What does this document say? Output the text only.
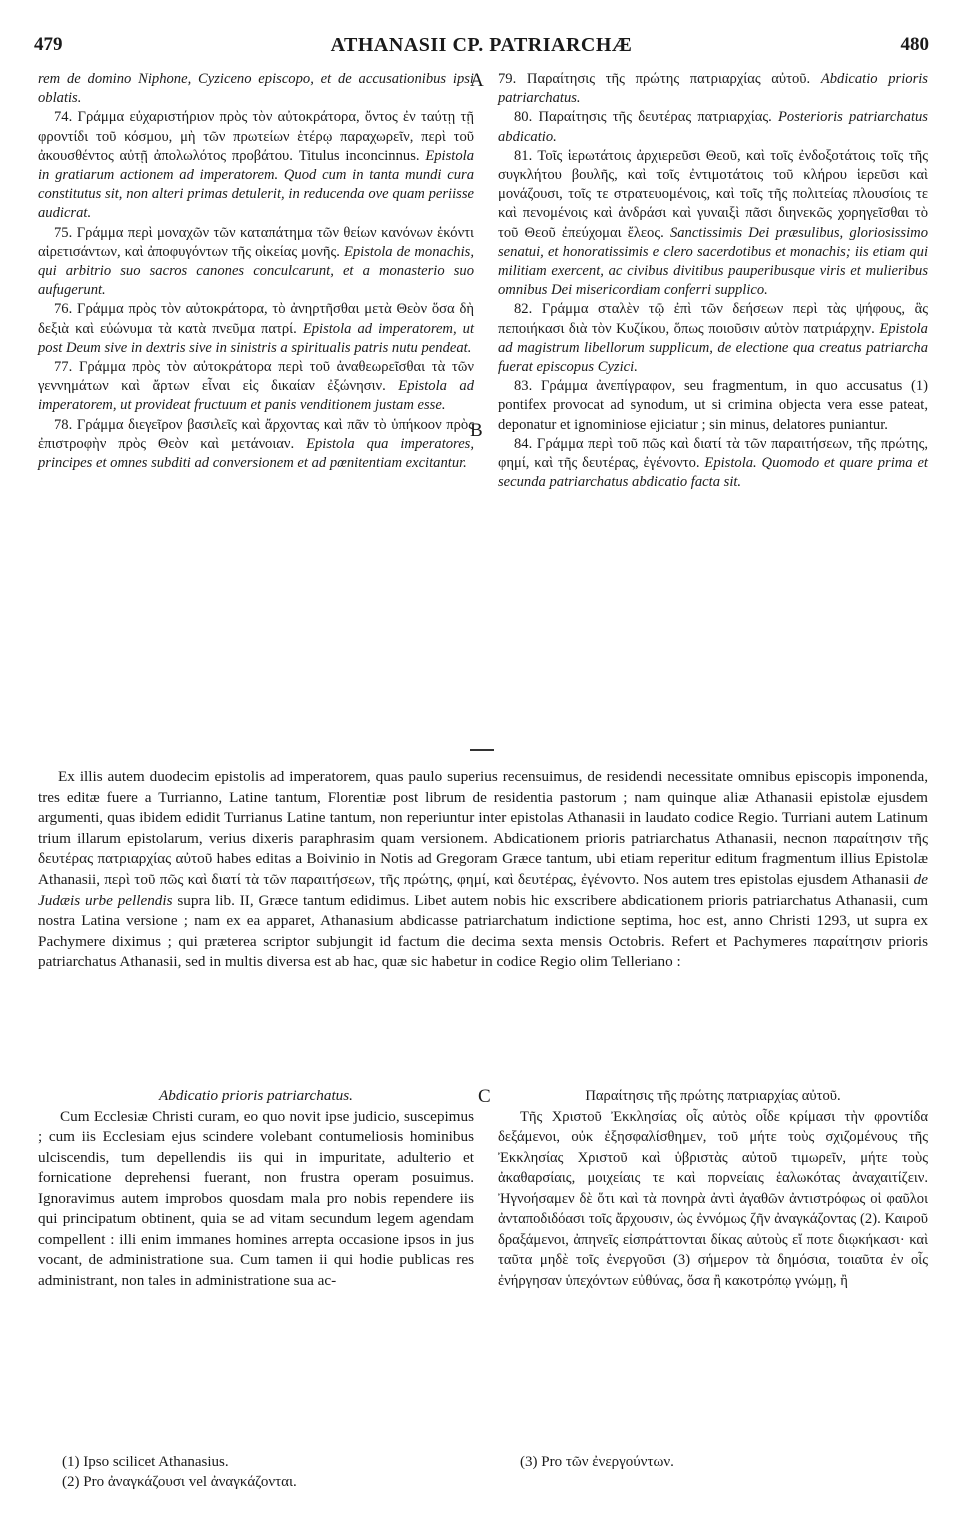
479	ATHANASII CP. PATRIARCHÆ	480
A
B
C

rem de domino Niphone, Cyziceno episcopo, et de accusationibus ipsi oblatis.

74. Γράμμα εὐχαριστήριον πρὸς τὸν αὐτοκράτορα, ὄντος ἐν ταύτῃ τῇ φροντίδι τοῦ κόσμου, μὴ τῶν πρωτείων ἑτέρῳ παραχωρεῖν, περὶ τοῦ ἀκουσθέντος αὐτῇ ἀπολωλότος προβάτου. Titulus inconcinnus. Epistola in gratiarum actionem ad imperatorem. Quod cum in tanta mundi cura constitutus sit, non alteri primas detulerit, in reducenda ove quam periisse audicrat.

75. Γράμμα περὶ μοναχῶν τῶν καταπάτημα τῶν θείων κανόνων ἑκόντι αἱρετισάντων, καὶ ἀποφυγόντων τῆς οἰκείας μονῆς. Epistola de monachis, qui arbitrio suo sacros canones conculcarunt, et a monasterio suo aufugerunt.

76. Γράμμα πρὸς τὸν αὐτοκράτορα, τὸ ἀνηρτῆσθαι μετὰ Θεὸν ὅσα δὴ δεξιὰ καὶ εὐώνυμα τὰ κατὰ πνεῦμα πατρί. Epistola ad imperatorem, ut post Deum sive in dextris sive in sinistris a spiritualis patris nutu pendeat.

77. Γράμμα πρὸς τὸν αὐτοκράτορα περὶ τοῦ ἀναθεωρεῖσθαι τὰ τῶν γεννημάτων καὶ ἄρτων εἶναι εἰς δικαίαν ἐξώνησιν. Epistola ad imperatorem, ut provideat fructuum et panis venditionem justam esse.

78. Γράμμα διεγεῖρον βασιλεῖς καὶ ἄρχοντας καὶ πᾶν τὸ ὑπήκοον πρὸς ἐπιστροφὴν πρὸς Θεὸν καὶ μετάνοιαν. Epistola qua imperatores, principes et omnes subditi ad conversionem et ad pœnitentiam excitantur.

79. Παραίτησις τῆς πρώτης πατριαρχίας αὐτοῦ. Abdicatio prioris patriarchatus.

80. Παραίτησις τῆς δευτέρας πατριαρχίας. Posterioris patriarchatus abdicatio.

81. Τοῖς ἱερωτάτοις ἀρχιερεῦσι Θεοῦ, καὶ τοῖς ἐνδοξοτάτοις τοῖς τῆς συγκλήτου βουλῆς, καὶ τοῖς ἐντιμοτάτοις τοῦ κλήρου ἱερεῦσι καὶ μονάζουσι, τοῖς τε στρατευομένοις, καὶ τοῖς τῆς πολιτείας πλουσίοις τε καὶ πενομένοις καὶ ἀνδράσι καὶ γυναιξὶ πᾶσι διηνεκῶς χορηγεῖσθαι τὸ τοῦ Θεοῦ ἐπεύχομαι ἔλεος. Sanctissimis Dei præsulibus, gloriosissimo senatui, et honoratissimis e clero sacerdotibus et monachis; iis etiam qui militiam exercent, ac civibus divitibus pauperibusque viris et mulieribus omnibus Dei misericordiam conferri supplico.

82. Γράμμα σταλὲν τῷ ἐπὶ τῶν δεήσεων περὶ τὰς ψήφους, ἃς πεποιήκασι διὰ τὸν Κυζίκου, ὅπως ποιοῦσιν αὐτὸν πατριάρχην. Epistola ad magistrum libellorum supplicum, de electione qua creatus patriarcha fuerat episcopus Cyzici.

83. Γράμμα ἀνεπίγραφον, seu fragmentum, in quo accusatus (1) pontifex provocat ad synodum, ut si crimina objecta vera esse pateat, deponatur et ignominiose ejiciatur ; sin minus, delatores puniantur.

84. Γράμμα περὶ τοῦ πῶς καὶ διατί τὰ τῶν παραιτήσεων, τῆς πρώτης, φημί, καὶ τῆς δευτέρας, ἐγένοντο. Epistola. Quomodo et quare prima et secunda patriarchatus abdicatio facta sit.

Ex illis autem duodecim epistolis ad imperatorem, quas paulo superius recensuimus, de residendi necessitate omnibus episcopis imponenda, tres editæ fuere a Turrianno, Latine tantum, Florentiæ post librum de residentia pastorum ; nam quinque aliæ Athanasii epistolæ ejusdem argumenti, quas ibidem edidit Turrianus Latine tantum, non reperiuntur inter epistolas Athanasii in laudato codice Regio. Turriani autem Latinum trium illarum epistolarum, verius dixeris paraphrasim quam versionem. Abdicationem prioris patriarchatus Athanasii, necnon παραίτησιν τῆς δευτέρας πατριαρχίας αὐτοῦ habes editas a Boivinio in Notis ad Gregoram Græce tantum, ubi etiam reperitur editum fragmentum illius Epistolæ Athanasii, περὶ τοῦ πῶς καὶ διατί τὰ τῶν παραιτήσεων, τῆς πρώτης, φημί, καὶ δευτέρας, ἐγένοντο. Nos autem tres epistolas ejusdem Athanasii de Judæis urbe pellendis supra lib. II, Græce tantum edidimus. Libet autem nobis hic exscribere abdicationem prioris patriarchatus Athanasii, cum nostra Latina versione ; nam ex ea apparet, Athanasium abdicasse patriarchatum indictione septima, hoc est, anno Christi 1293, ut supra ex Pachymere diximus ; qui præterea scriptor subjungit id factum die decima sexta mensis Octobris. Refert et Pachymeres παραίτησιν prioris patriarchatus Athanasii, sed in multis diversa est ab hac, quæ sic habetur in codice Regio olim Telleriano :

Abdicatio prioris patriarchatus.

Cum Ecclesiæ Christi curam, eo quo novit ipse judicio, suscepimus ; cum iis Ecclesiam ejus scindere volebant contumeliosis hominibus ulciscendis, tum depellendis iis qui in impuritate, adulterio et fornicatione deprehensi fuerant, non frustra operam posuimus. Ignoravimus autem improbos quosdam mala pro nobis rependere iis qui principatum obtinent, quia se ad vitam secundum legem agendam compellent : illi enim immanes homines arrepta occasione ipsos in jus vocant, de administratione sua. Cum tamen ii qui hodie publicas res administrant, non tales in administratione sua ac-

Παραίτησις τῆς πρώτης πατριαρχίας αὐτοῦ.

Τῆς Χριστοῦ Ἐκκλησίας οἷς αὐτὸς οἶδε κρίμασι τὴν φροντίδα δεξάμενοι, οὐκ ἐξησφαλίσθημεν, τοῦ μήτε τοὺς σχιζομένους τῆς Ἐκκλησίας Χριστοῦ καὶ ὑβριστὰς αὐτοῦ τιμωρεῖν, μήτε τοὺς ἀκαθαρσίαις, μοιχείαις τε καὶ πορνείαις ἑαλωκότας ἀναχαιτίζειν. Ἠγνοήσαμεν δὲ ὅτι καὶ τὰ πονηρὰ ἀντὶ ἀγαθῶν ἀντιστρόφως οἱ φαῦλοι ἀνταποδιδόασι τοῖς ἄρχουσιν, ὡς ἐννόμως ζῆν ἀναγκάζοντας (2). Καιροῦ δραξάμενοι, ἀπηνεῖς εἰσπράττονται δίκας αὐτοὺς εἴ ποτε διῳκήκασι· καὶ ταῦτα μηδὲ τοῖς ἐνεργοῦσι (3) σήμερον τὰ δημόσια, τοιαῦτα ἐν οἷς ἐνήργησαν ὑπεχόντων εὐθύνας, ὅσα ἢ κακοτρόπῳ γνώμῃ, ἢ

(1) Ipso scilicet Athanasius.

(2) Pro ἀναγκάζουσι vel ἀναγκάζονται.

(3) Pro τῶν ἐνεργούντων.
